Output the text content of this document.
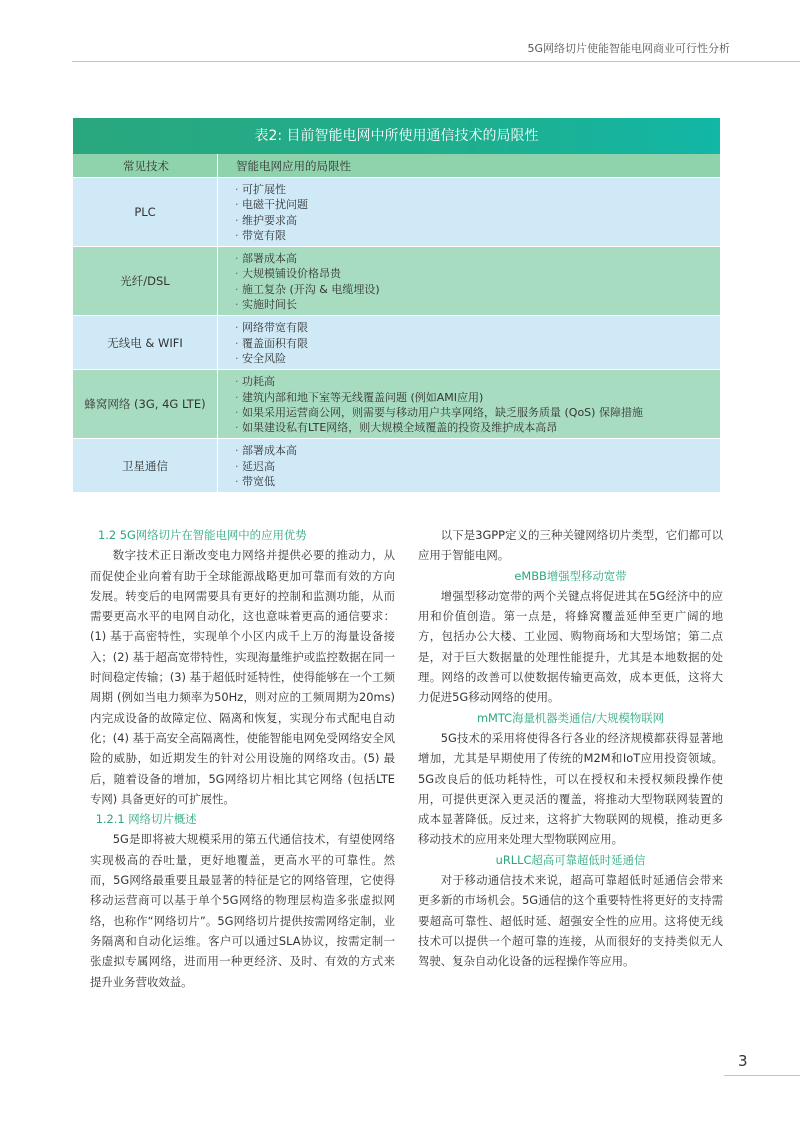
5G网络切片使能智能电网商业可行性分析
表2: 目前智能电网中所使用通信技术的局限性
常见技术	智能电网应用的局限性
PLC
· 可扩展性
· 电磁干扰问题
· 维护要求高
· 带宽有限
光纤/DSL
· 部署成本高
· 大规模铺设价格昂贵
· 施工复杂 (开沟 & 电缆埋设)
· 实施时间长
无线电 & WIFI
· 网络带宽有限
· 覆盖面积有限
· 安全风险
蜂窝网络 (3G, 4G LTE)
· 功耗高
· 建筑内部和地下室等无线覆盖问题 (例如AMI应用)
· 如果采用运营商公网，则需要与移动用户共享网络，缺乏服务质量 (QoS) 保障措施
· 如果建设私有LTE网络，则大规模全域覆盖的投资及维护成本高昂
卫星通信
· 部署成本高
· 延迟高
· 带宽低
1.2 5G网络切片在智能电网中的应用优势

数字技术正日渐改变电力网络并提供必要的推动力，从而促使企业向着有助于全球能源战略更加可靠而有效的方向发展。转变后的电网需要具有更好的控制和监测功能，从而需要更高水平的电网自动化，这也意味着更高的通信要求：(1) 基于高密特性，实现单个小区内成千上万的海量设备接入；(2) 基于超高宽带特性，实现海量维护或监控数据在同一时间稳定传输；(3) 基于超低时延特性，使得能够在一个工频周期 (例如当电力频率为50Hz，则对应的工频周期为20ms) 内完成设备的故障定位、隔离和恢复，实现分布式配电自动化；(4) 基于高安全高隔离性，使能智能电网免受网络安全风险的威胁，如近期发生的针对公用设施的网络攻击。(5) 最后，随着设备的增加，5G网络切片相比其它网络 (包括LTE专网) 具备更好的可扩展性。

1.2.1 网络切片概述

5G是即将被大规模采用的第五代通信技术，有望使网络实现极高的吞吐量，更好地覆盖，更高水平的可靠性。然而，5G网络最重要且最显著的特征是它的网络管理，它使得移动运营商可以基于单个5G网络的物理层构造多张虚拟网络，也称作“网络切片”。5G网络切片提供按需网络定制，业务隔离和自动化运维。客户可以通过SLA协议，按需定制一张虚拟专属网络，进而用一种更经济、及时、有效的方式来提升业务营收效益。

以下是3GPP定义的三种关键网络切片类型，它们都可以应用于智能电网。

eMBB增强型移动宽带

增强型移动宽带的两个关键点将促进其在5G经济中的应用和价值创造。第一点是，将蜂窝覆盖延伸至更广阔的地方，包括办公大楼、工业园、购物商场和大型场馆；第二点是，对于巨大数据量的处理性能提升，尤其是本地数据的处理。网络的改善可以使数据传输更高效，成本更低，这将大力促进5G移动网络的使用。

mMTC海量机器类通信/大规模物联网

5G技术的采用将使得各行各业的经济规模都获得显著地增加，尤其是早期使用了传统的M2M和IoT应用投资领域。5G改良后的低功耗特性，可以在授权和未授权频段操作使用，可提供更深入更灵活的覆盖，将推动大型物联网装置的成本显著降低。反过来，这将扩大物联网的规模，推动更多移动技术的应用来处理大型物联网应用。

uRLLC超高可靠超低时延通信

对于移动通信技术来说，超高可靠超低时延通信会带来更多新的市场机会。5G通信的这个重要特性将更好的支持需要超高可靠性、超低时延、超强安全性的应用。这将使无线技术可以提供一个超可靠的连接，从而很好的支持类似无人驾驶、复杂自动化设备的远程操作等应用。

3
